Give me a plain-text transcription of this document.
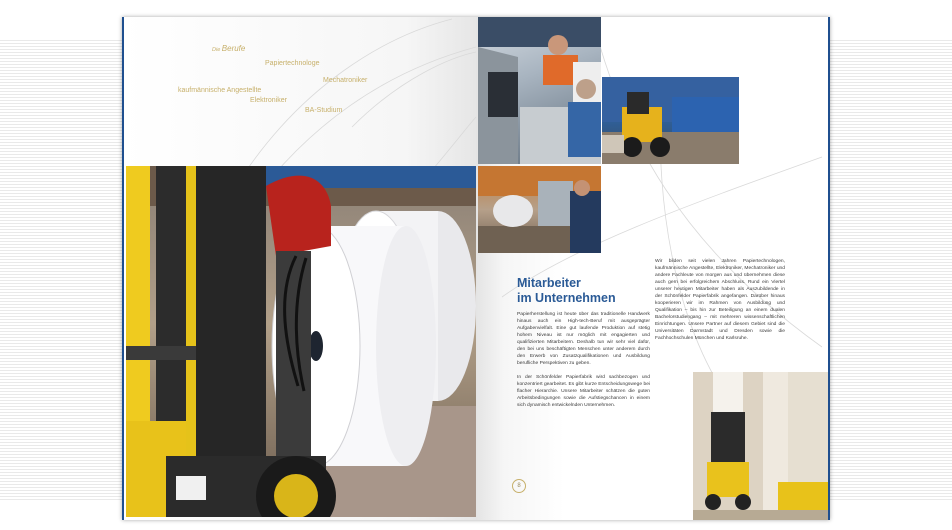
Die Berufe
Papiertechnologe
Mechatroniker
kaufmännische Angestellte
Elektroniker
BA-Studium
Mitarbeiter
im Unternehmen

Papierherstellung ist heute über das traditionelle Handwerk hinaus auch ein High-tech-Beruf mit ausgeprägter Aufgabenvielfalt. Eine gut laufende Produktion auf stetig hohem Niveau ist nur möglich mit engagierten und qualifizierten Mitarbeitern. Deshalb tun wir sehr viel dafür, den bei uns beschäftigten Menschen unter anderem durch den Erwerb von Zusatzqualifikationen und Ausbildung berufliche Perspektiven zu geben.

In der Schönfelder Papierfabrik wird sachbezogen und konzentriert gearbeitet. Es gibt kurze Entscheidungswege bei flacher Hierarchie. Unsere Mitarbeiter schätzen die guten Arbeitsbedingungen sowie die Aufstiegschancen in einem sich dynamisch entwickelnden Unternehmen.

Wir bilden seit vielen Jahren Papiertechnologen, kaufmännische Angestellte, Elektroniker, Mechatroniker und andere Fachleute von morgen aus und übernehmen diese auch gern bei erfolgreichem Abschluss. Rund ein Viertel unserer heutigen Mitarbeiter haben als Auszubildende in der Schönfelder Papierfabrik angefangen. Darüber hinaus kooperieren wir im Rahmen von Ausbildung und Qualifikation – bis hin zur Beteiligung an einem dualen Bachelorstudiengang – mit mehreren wissenschaftlichen Einrichtungen. Unsere Partner auf diesem Gebiet sind die Universitäten Darmstadt und Dresden sowie die Fachhochschulen München und Karlsruhe.

8
